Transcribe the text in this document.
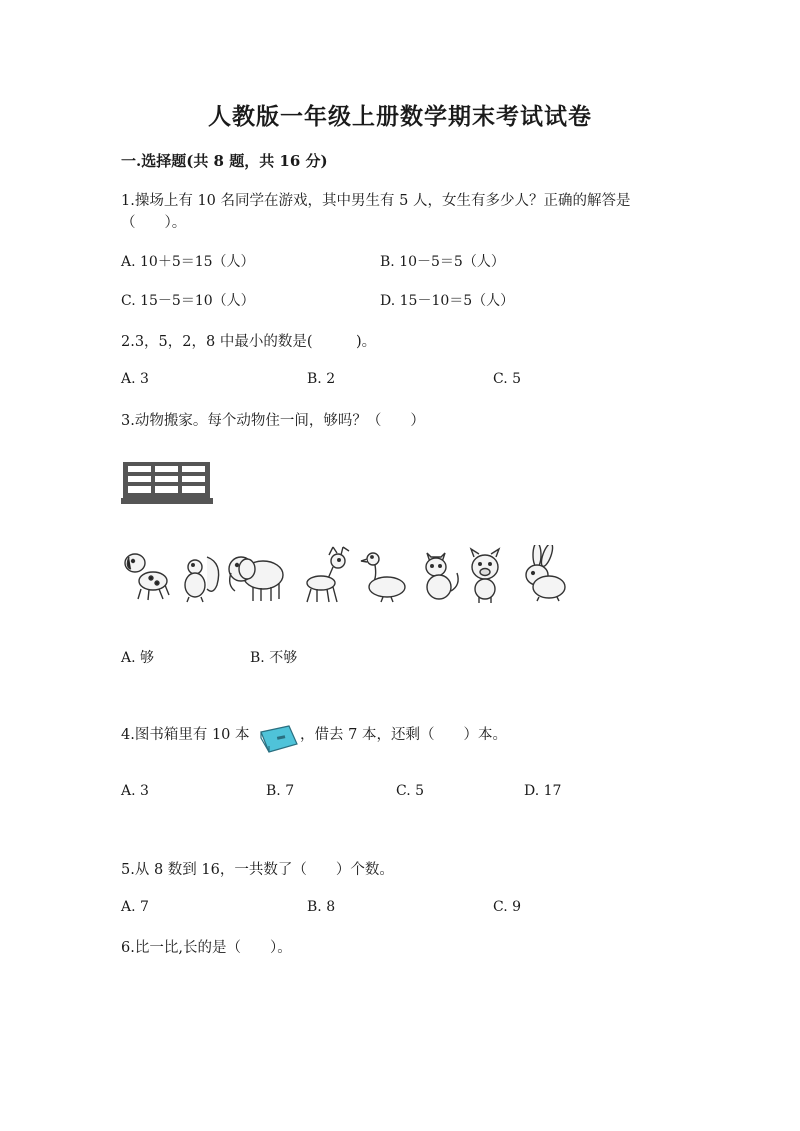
人教版一年级上册数学期末考试试卷
一.选择题(共 8 题，共 16 分)
1.操场上有 10 名同学在游戏，其中男生有 5 人，女生有多少人？正确的解答是
（　　）。
A. 10＋5＝15（人）	B. 10－5＝5（人）
C. 15－5＝10（人）	D. 15－10＝5（人）
2.3，5，2，8 中最小的数是(　　　)。
A. 3	B. 2	C. 5
3.动物搬家。每个动物住一间，够吗？（　　）
A. 够	B. 不够
4.图书箱里有 10 本	，借去 7 本，还剩（　　）本。
A. 3	B. 7	C. 5	D. 17
5.从 8 数到 16，一共数了（　　）个数。
A. 7	B. 8	C. 9
6.比一比,长的是（　　）。
